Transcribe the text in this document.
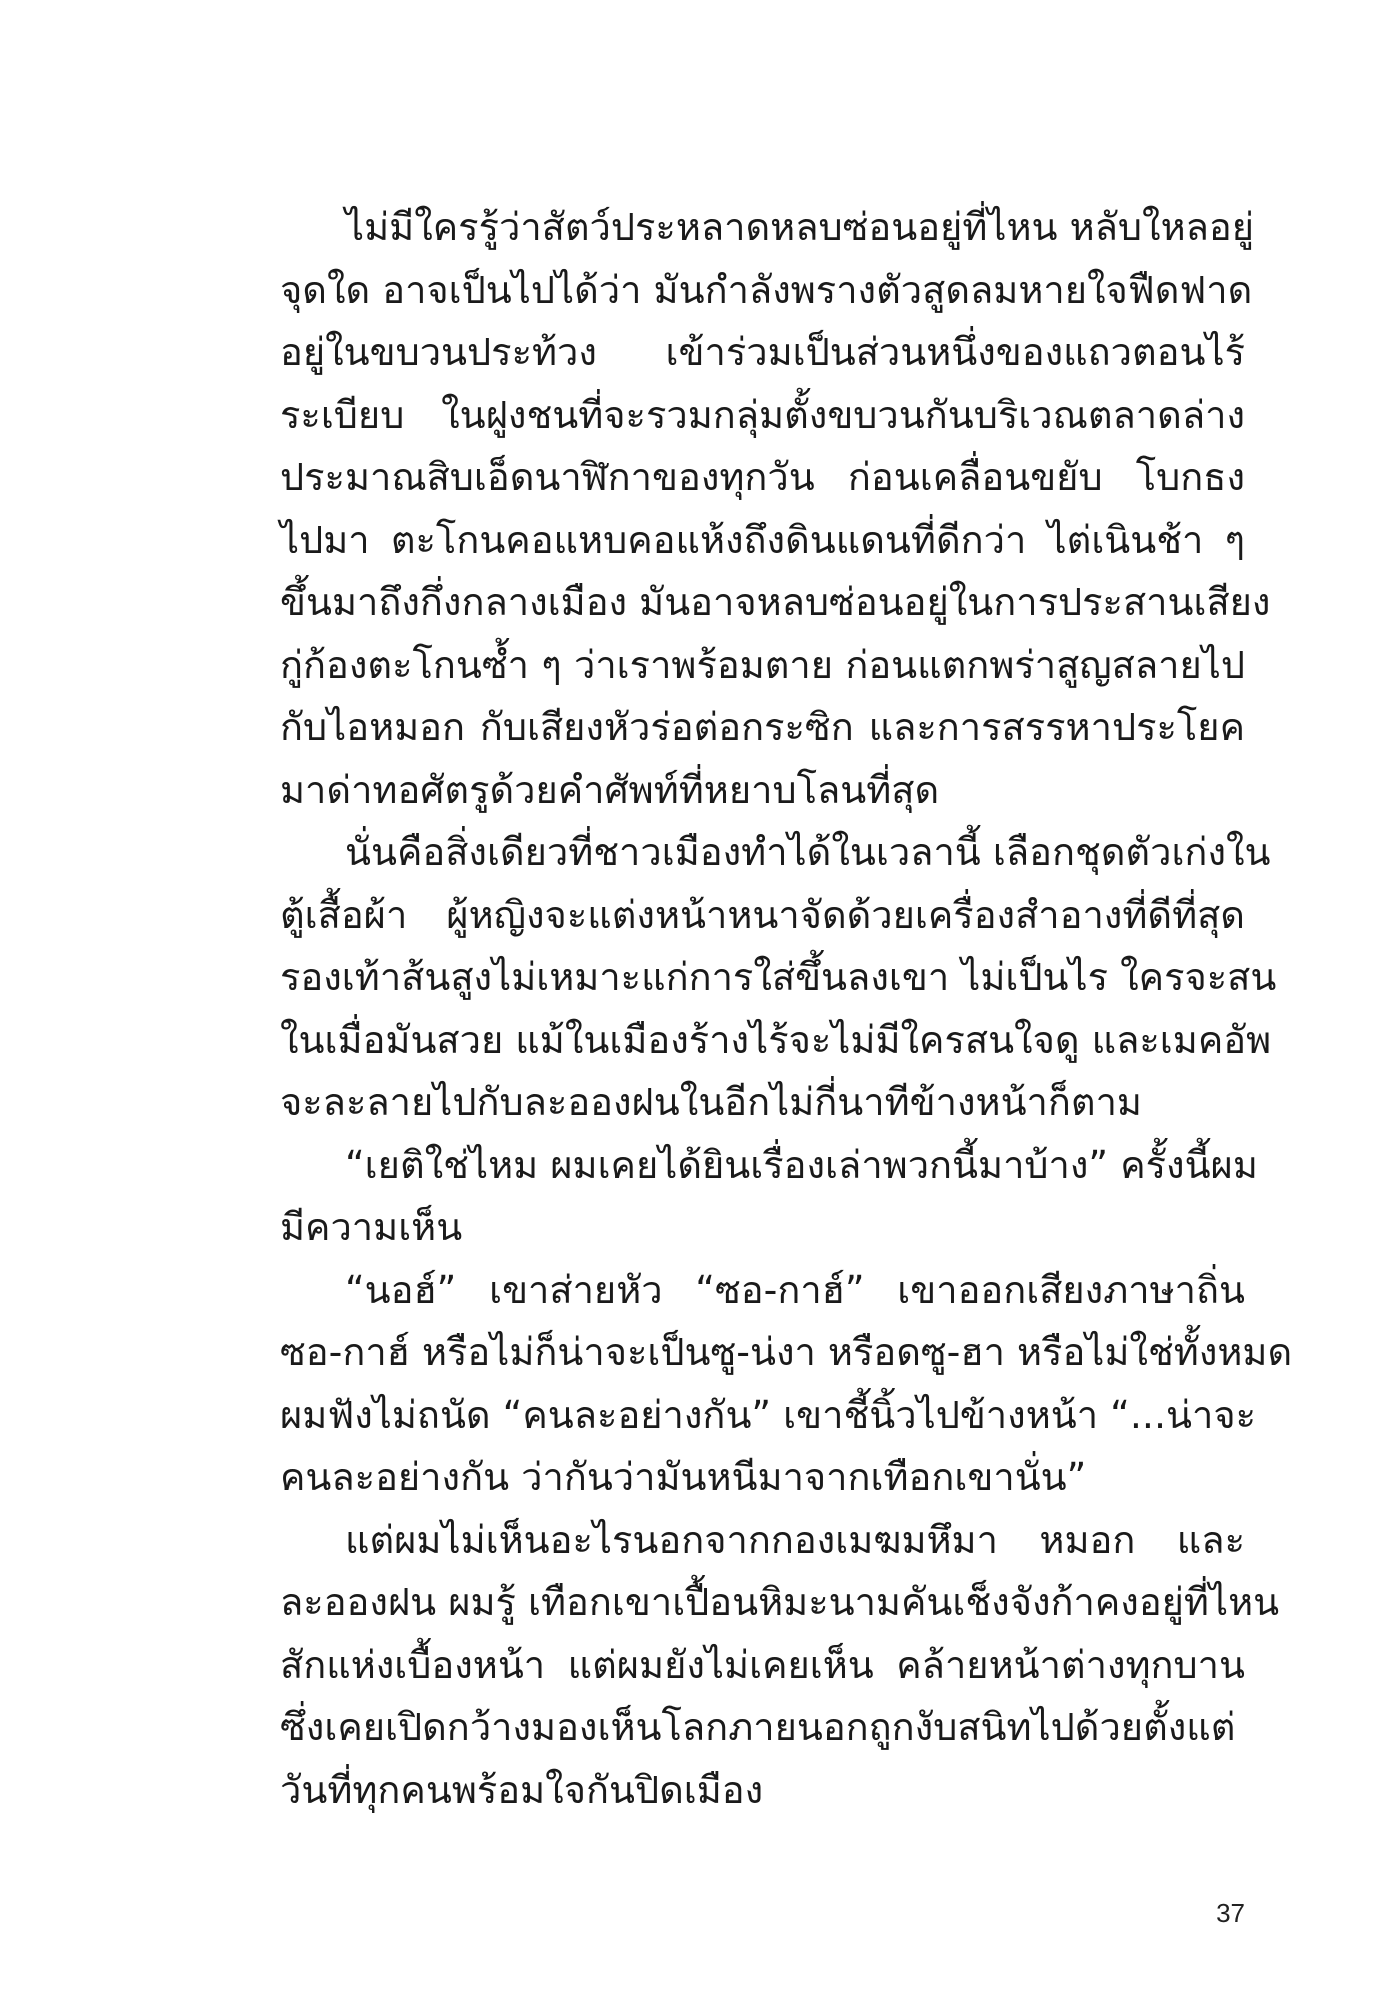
ไม่มีใครรู้ว่าสัตว์ประหลาดหลบซ่อนอยู่ที่ไหน หลับใหลอยู่
จุดใด อาจเป็นไปได้ว่า มันกำลังพรางตัวสูดลมหายใจฟืดฟาด
อยู่ในขบวนประท้วง เข้าร่วมเป็นส่วนหนึ่งของแถวตอนไร้
ระเบียบ ในฝูงชนที่จะรวมกลุ่มตั้งขบวนกันบริเวณตลาดล่าง
ประมาณสิบเอ็ดนาฬิกาของทุกวัน ก่อนเคลื่อนขยับ โบกธง
ไปมา ตะโกนคอแหบคอแห้งถึงดินแดนที่ดีกว่า ไต่เนินช้า ๆ
ขึ้นมาถึงกึ่งกลางเมือง มันอาจหลบซ่อนอยู่ในการประสานเสียง
กู่ก้องตะโกนซ้ำ ๆ ว่าเราพร้อมตาย ก่อนแตกพร่าสูญสลายไป
กับไอหมอก กับเสียงหัวร่อต่อกระซิก และการสรรหาประโยค
มาด่าทอศัตรูด้วยคำศัพท์ที่หยาบโลนที่สุด
นั่นคือสิ่งเดียวที่ชาวเมืองทำได้ในเวลานี้ เลือกชุดตัวเก่งใน
ตู้เสื้อผ้า ผู้หญิงจะแต่งหน้าหนาจัดด้วยเครื่องสำอางที่ดีที่สุด
รองเท้าส้นสูงไม่เหมาะแก่การใส่ขึ้นลงเขา ไม่เป็นไร ใครจะสน
ในเมื่อมันสวย แม้ในเมืองร้างไร้จะไม่มีใครสนใจดู และเมคอัพ
จะละลายไปกับละอองฝนในอีกไม่กี่นาทีข้างหน้าก็ตาม
“เยติใช่ไหม ผมเคยได้ยินเรื่องเล่าพวกนี้มาบ้าง” ครั้งนี้ผม
มีความเห็น
“นอฮ์” เขาส่ายหัว “ซอ-กาฮ์” เขาออกเสียงภาษาถิ่น
ซอ-กาฮ์ หรือไม่ก็น่าจะเป็นซู-น่งา หรือดซู-ฮา หรือไม่ใช่ทั้งหมด
ผมฟังไม่ถนัด “คนละอย่างกัน” เขาชี้นิ้วไปข้างหน้า “...น่าจะ
คนละอย่างกัน ว่ากันว่ามันหนีมาจากเทือกเขานั่น”
แต่ผมไม่เห็นอะไรนอกจากกองเมฆมหึมา หมอก และ
ละอองฝน ผมรู้ เทือกเขาเปื้อนหิมะนามคันเช็งจังก้าคงอยู่ที่ไหน
สักแห่งเบื้องหน้า แต่ผมยังไม่เคยเห็น คล้ายหน้าต่างทุกบาน
ซึ่งเคยเปิดกว้างมองเห็นโลกภายนอกถูกงับสนิทไปด้วยตั้งแต่
วันที่ทุกคนพร้อมใจกันปิดเมือง
37
